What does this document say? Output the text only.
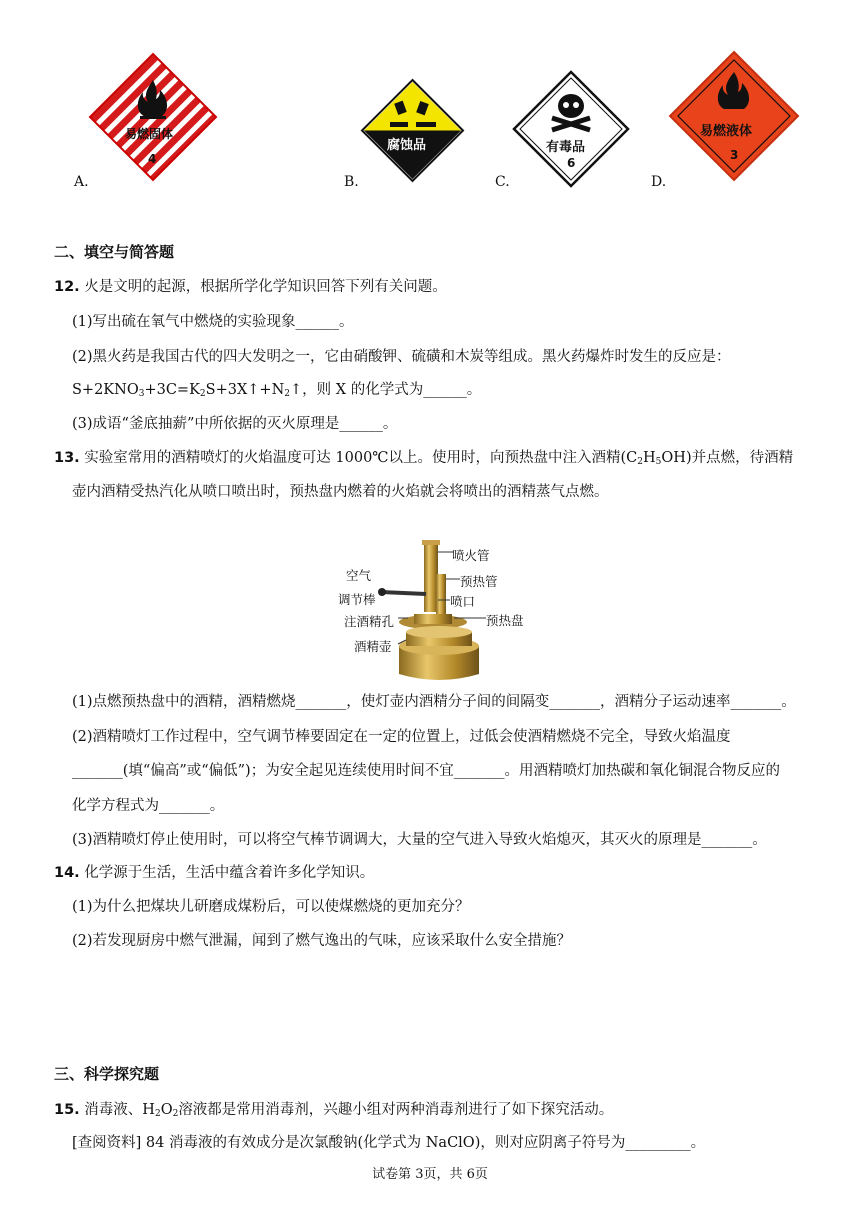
易燃固体
4
A.
腐蚀品
B.
有毒品
6
C.
易燃液体
3
D.
二、填空与简答题
12. 火是文明的起源，根据所学化学知识回答下列有关问题。
(1)写出硫在氧气中燃烧的实验现象______。
(2)黑火药是我国古代的四大发明之一，它由硝酸钾、硫磺和木炭等组成。黑火药爆炸时发生的反应是：
$S+2KNO_3+3C=K_2S+3X↑+N_2↑$，则 X 的化学式为______。
(3)成语“釜底抽薪”中所依据的灭火原理是______。
13. 实验室常用的酒精喷灯的火焰温度可达 1000℃以上。使用时，向预热盘中注入酒精$(C_2H_5OH)$并点燃，待酒精
壶内酒精受热汽化从喷口喷出时，预热盘内燃着的火焰就会将喷出的酒精蒸气点燃。
喷火管
空气	预热管
调节棒	喷口
注酒精孔	预热盘
酒精壶
(1)点燃预热盘中的酒精，酒精燃烧_______，使灯壶内酒精分子间的间隔变_______，酒精分子运动速率_______。
(2)酒精喷灯工作过程中，空气调节棒要固定在一定的位置上，过低会使酒精燃烧不完全，导致火焰温度
_______(填“偏高”或“偏低”)；为安全起见连续使用时间不宜_______。用酒精喷灯加热碳和氧化铜混合物反应的
化学方程式为_______。
(3)酒精喷灯停止使用时，可以将空气棒节调调大，大量的空气进入导致火焰熄灭，其灭火的原理是_______。
14. 化学源于生活，生活中蕴含着许多化学知识。
(1)为什么把煤块儿研磨成煤粉后，可以使煤燃烧的更加充分？
(2)若发现厨房中燃气泄漏，闻到了燃气逸出的气味，应该采取什么安全措施？
三、科学探究题
15. 消毒液、$H_2O_2$溶液都是常用消毒剂，兴趣小组对两种消毒剂进行了如下探究活动。
[查阅资料] 84 消毒液的有效成分是次氯酸钠(化学式为 NaClO)，则对应阴离子符号为_________。
试卷第 3页，共 6页
